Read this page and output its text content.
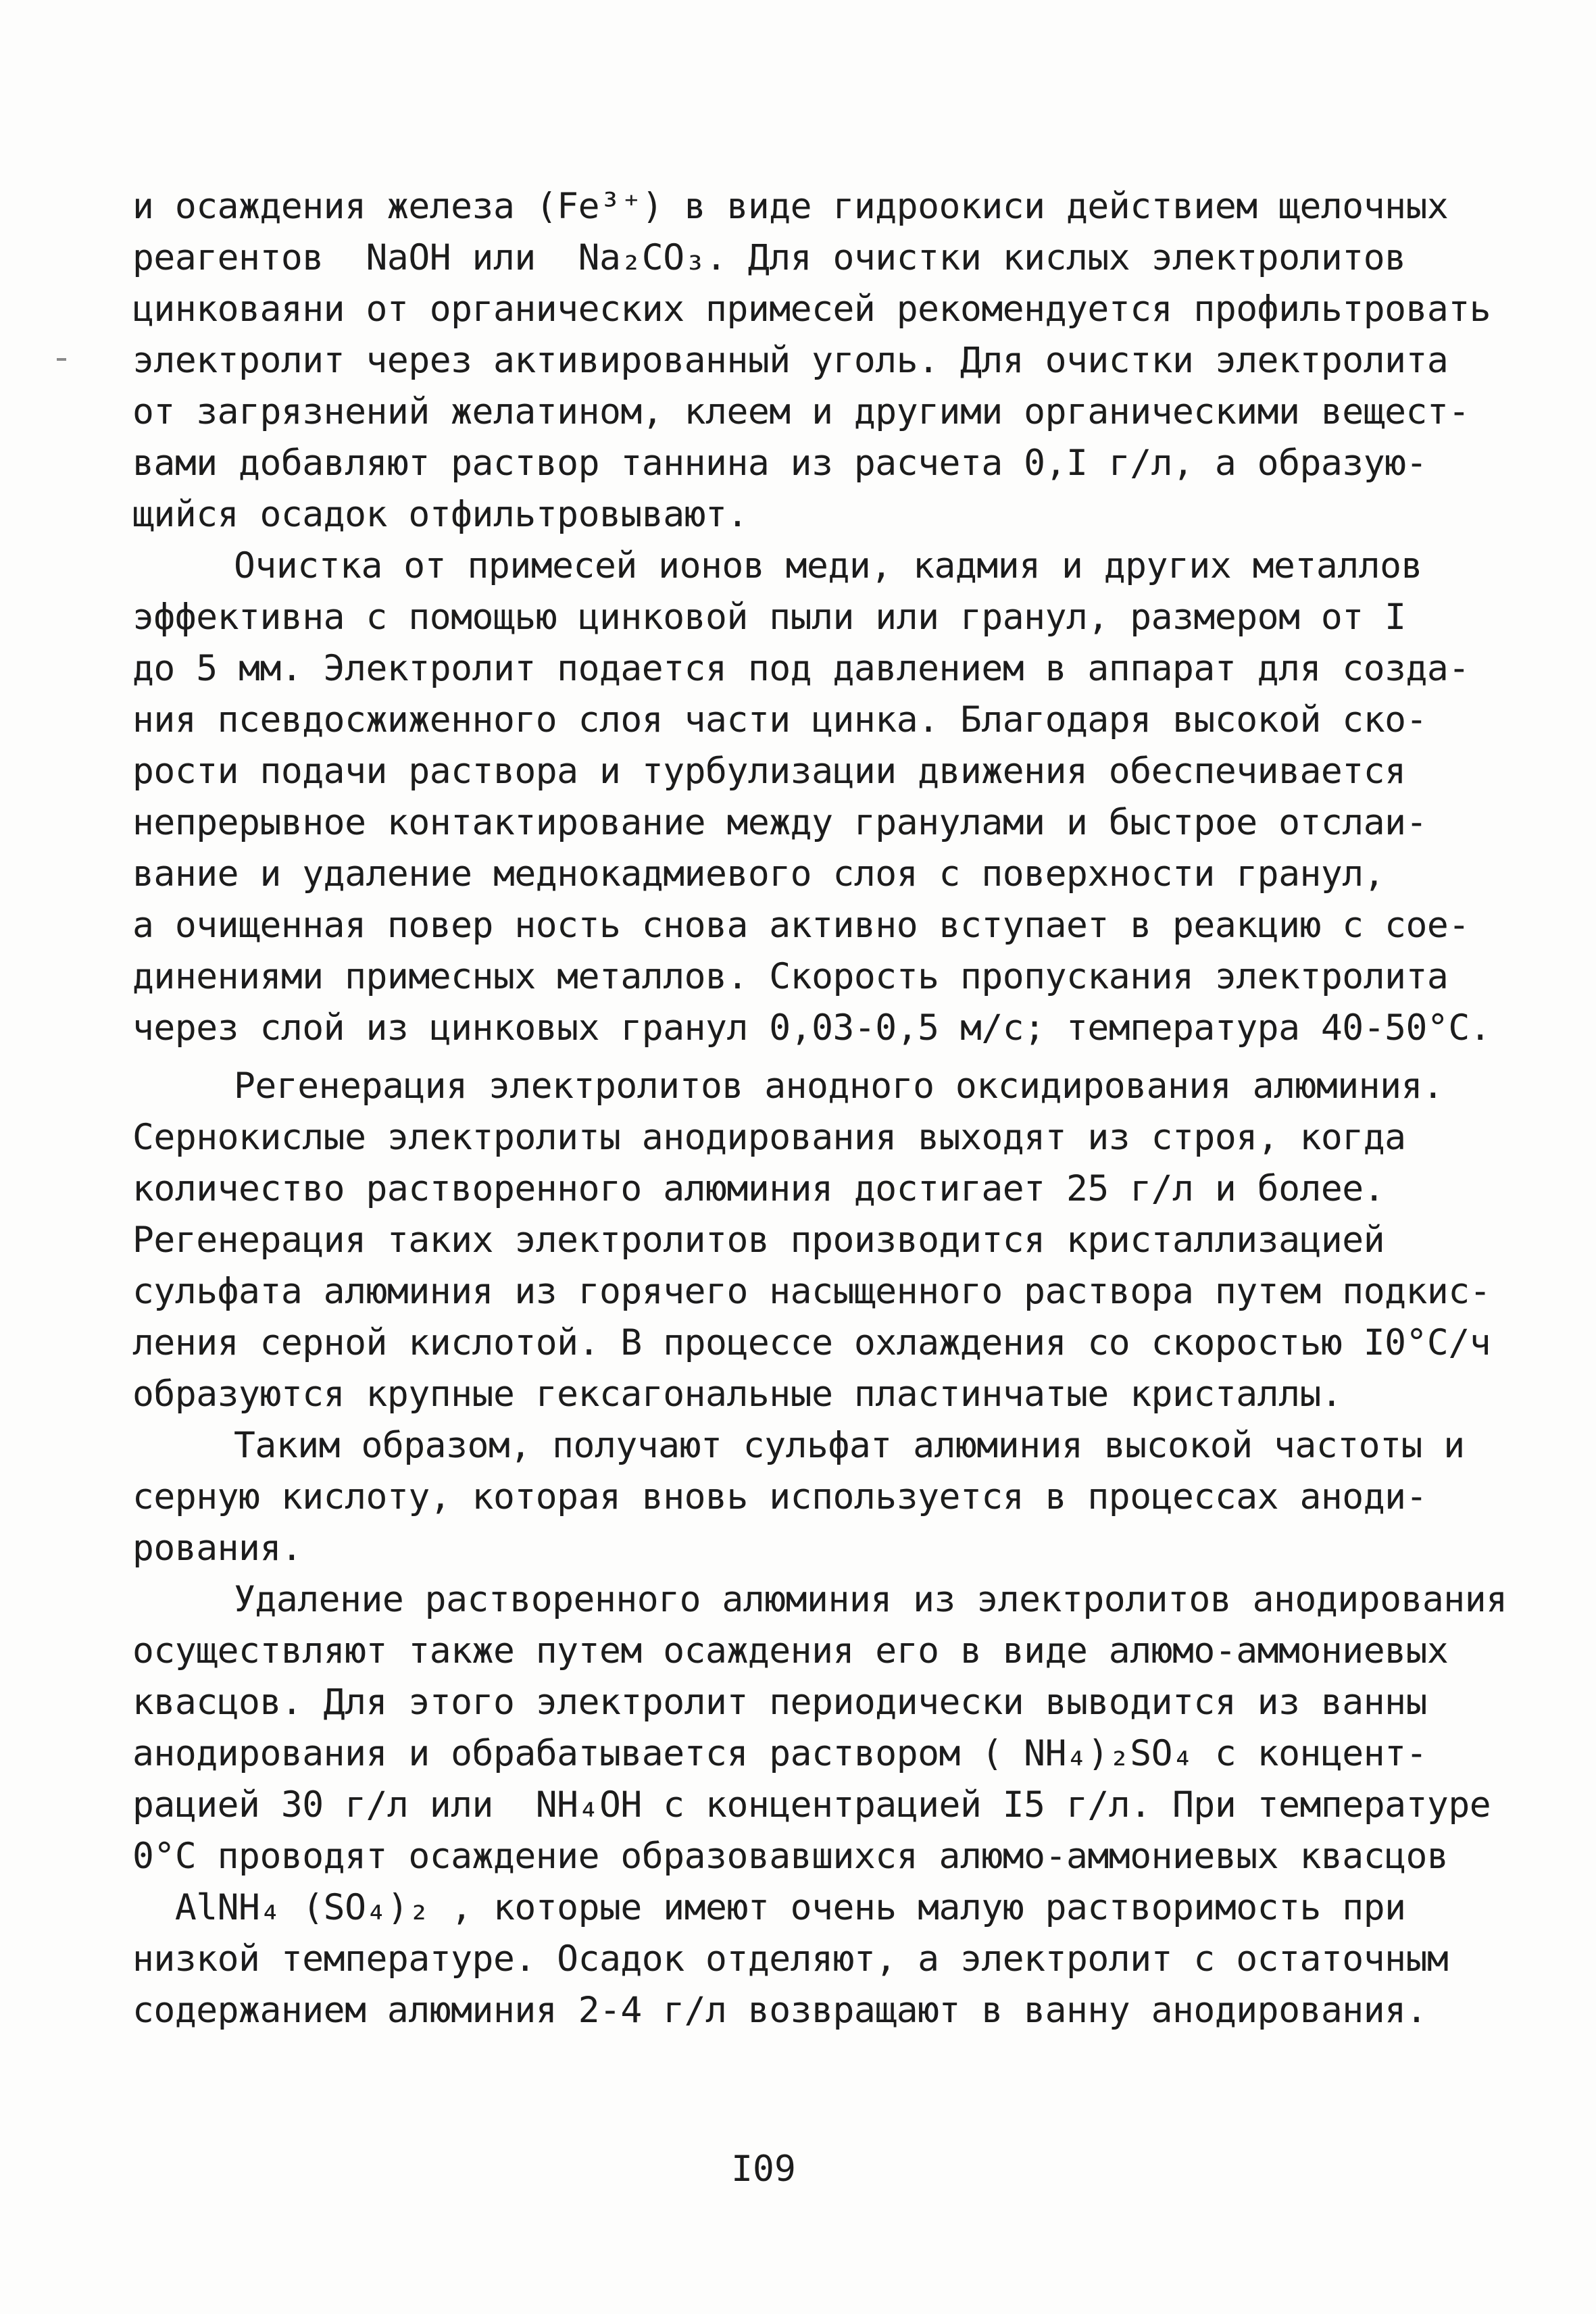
и осаждения железа (Fe³⁺) в виде гидроокиси действием щелочных
реагентов  NaOH или  Na₂CO₃. Для очистки кислых электролитов
цинковаяни от органических примесей рекомендуется профильтровать
электролит через активированный уголь. Для очистки электролита
от загрязнений желатином, клеем и другими органическими вещест-
вами добавляют раствор таннина из расчета 0,I г/л, а образую-
щийся осадок отфильтровывают.
Очистка от примесей ионов меди, кадмия и других металлов
эффективна с помощью цинковой пыли или гранул, размером от I
до 5 мм. Электролит подается под давлением в аппарат для созда-
ния псевдосжиженного слоя части цинка. Благодаря высокой ско-
рости подачи раствора и турбулизации движения обеспечивается
непрерывное контактирование между гранулами и быстрое отслаи-
вание и удаление меднокадмиевого слоя с поверхности гранул,
а очищенная повер ность снова активно вступает в реакцию с сое-
динениями примесных металлов. Скорость пропускания электролита
через слой из цинковых гранул 0,03-0,5 м/с; температура 40-50°С.
Регенерация электролитов анодного оксидирования алюминия.
Сернокислые электролиты анодирования выходят из строя, когда
количество растворенного алюминия достигает 25 г/л и более.
Регенерация таких электролитов производится кристаллизацией
сульфата алюминия из горячего насыщенного раствора путем подкис-
ления серной кислотой. В процессе охлаждения со скоростью I0°С/ч
образуются крупные гексагональные пластинчатые кристаллы.
Таким образом, получают сульфат алюминия высокой частоты и
серную кислоту, которая вновь используется в процессах аноди-
рования.
Удаление растворенного алюминия из электролитов анодирования
осуществляют также путем осаждения его в виде алюмо-аммониевых
квасцов. Для этого электролит периодически выводится из ванны
анодирования и обрабатывается раствором ( NH₄)₂SO₄ с концент-
рацией 30 г/л или  NH₄OH с концентрацией I5 г/л. При температуре
0°С проводят осаждение образовавшихся алюмо-аммониевых квасцов
AlNH₄ (SO₄)₂ , которые имеют очень малую растворимость при
низкой температуре. Осадок отделяют, а электролит с остаточным
содержанием алюминия 2-4 г/л возвращают в ванну анодирования.
I09
